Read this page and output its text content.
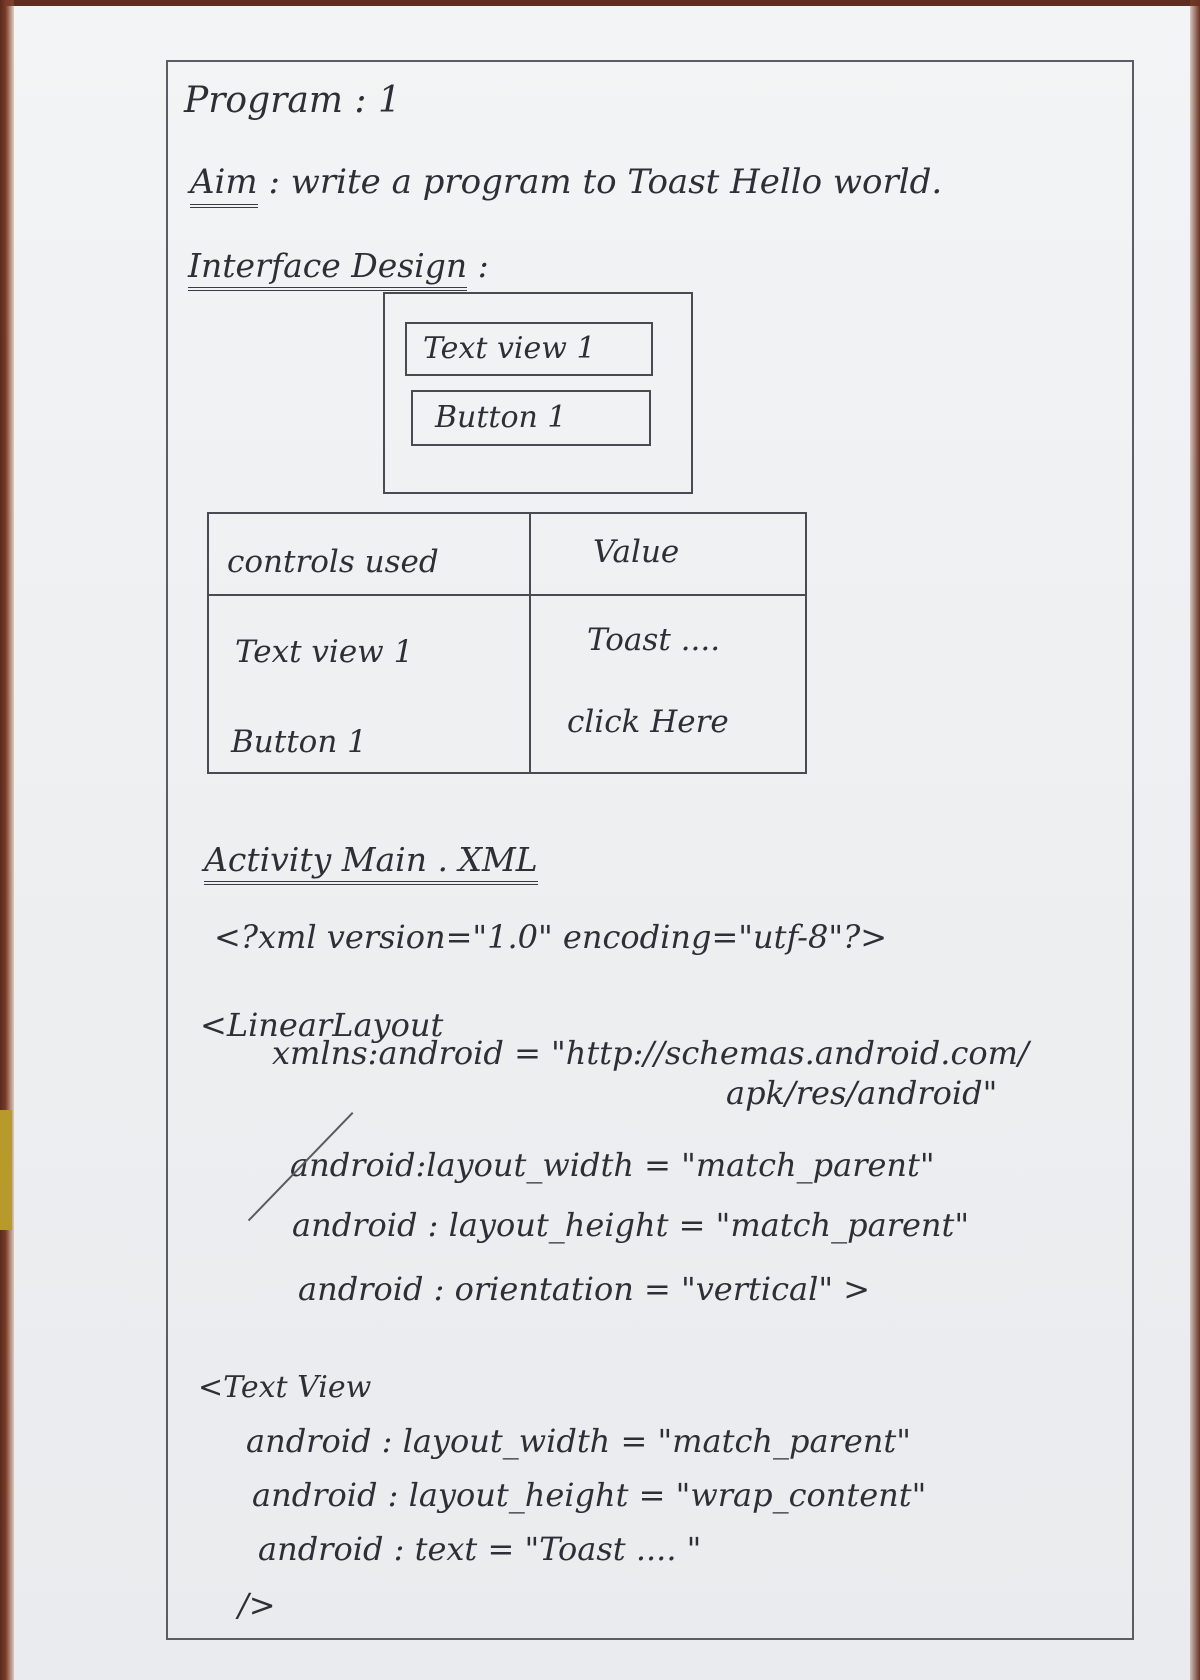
Program : 1
Aim : write a program to Toast Hello world.
Interface Design :
Text view 1
Button 1
controls used	Value
Text view 1	Toast ....
Button 1
click Here
Activity Main . XML
<?xml version="1.0" encoding="utf-8"?>
<LinearLayout
xmlns:android = "http://schemas.android.com/
apk/res/android"
android:layout_width = "match_parent"
android : layout_height = "match_parent"
android : orientation = "vertical" >
<Text View
android : layout_width = "match_parent"
android : layout_height = "wrap_content"
android : text = "Toast .... "
/>
